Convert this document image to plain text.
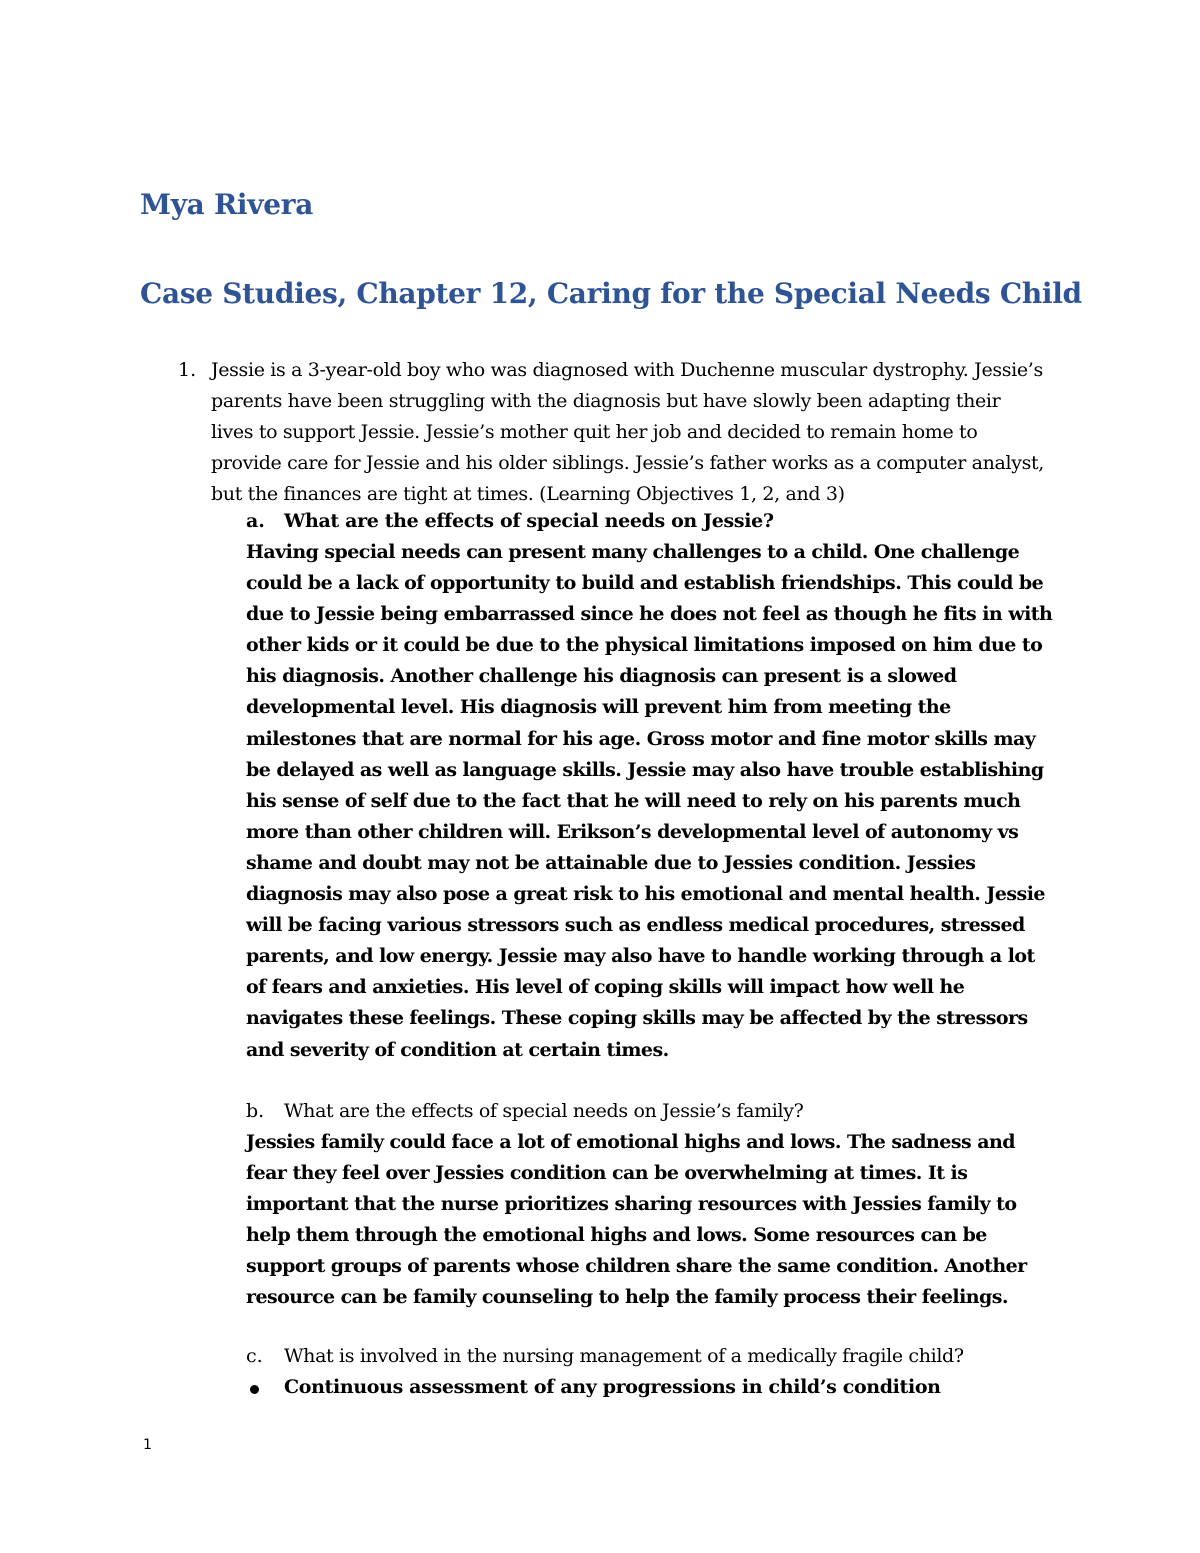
Mya Rivera
Case Studies, Chapter 12, Caring for the Special Needs Child
1. Jessie is a 3-year-old boy who was diagnosed with Duchenne muscular dystrophy. Jessie’s parents have been struggling with the diagnosis but have slowly been adapting their lives to support Jessie. Jessie’s mother quit her job and decided to remain home to provide care for Jessie and his older siblings. Jessie’s father works as a computer analyst, but the finances are tight at times. (Learning Objectives 1, 2, and 3)

a. What are the effects of special needs on Jessie?

Having special needs can present many challenges to a child. One challenge could be a lack of opportunity to build and establish friendships. This could be due to Jessie being embarrassed since he does not feel as though he fits in with other kids or it could be due to the physical limitations imposed on him due to his diagnosis. Another challenge his diagnosis can present is a slowed developmental level. His diagnosis will prevent him from meeting the milestones that are normal for his age. Gross motor and fine motor skills may be delayed as well as language skills. Jessie may also have trouble establishing his sense of self due to the fact that he will need to rely on his parents much more than other children will. Erikson’s developmental level of autonomy vs shame and doubt may not be attainable due to Jessies condition. Jessies diagnosis may also pose a great risk to his emotional and mental health. Jessie will be facing various stressors such as endless medical procedures, stressed parents, and low energy. Jessie may also have to handle working through a lot of fears and anxieties. His level of coping skills will impact how well he navigates these feelings. These coping skills may be affected by the stressors and severity of condition at certain times.

b. What are the effects of special needs on Jessie’s family?

Jessies family could face a lot of emotional highs and lows. The sadness and fear they feel over Jessies condition can be overwhelming at times. It is important that the nurse prioritizes sharing resources with Jessies family to help them through the emotional highs and lows. Some resources can be support groups of parents whose children share the same condition. Another resource can be family counseling to help the family process their feelings.

c. What is involved in the nursing management of a medically fragile child?

Continuous assessment of any progressions in child’s condition

1
